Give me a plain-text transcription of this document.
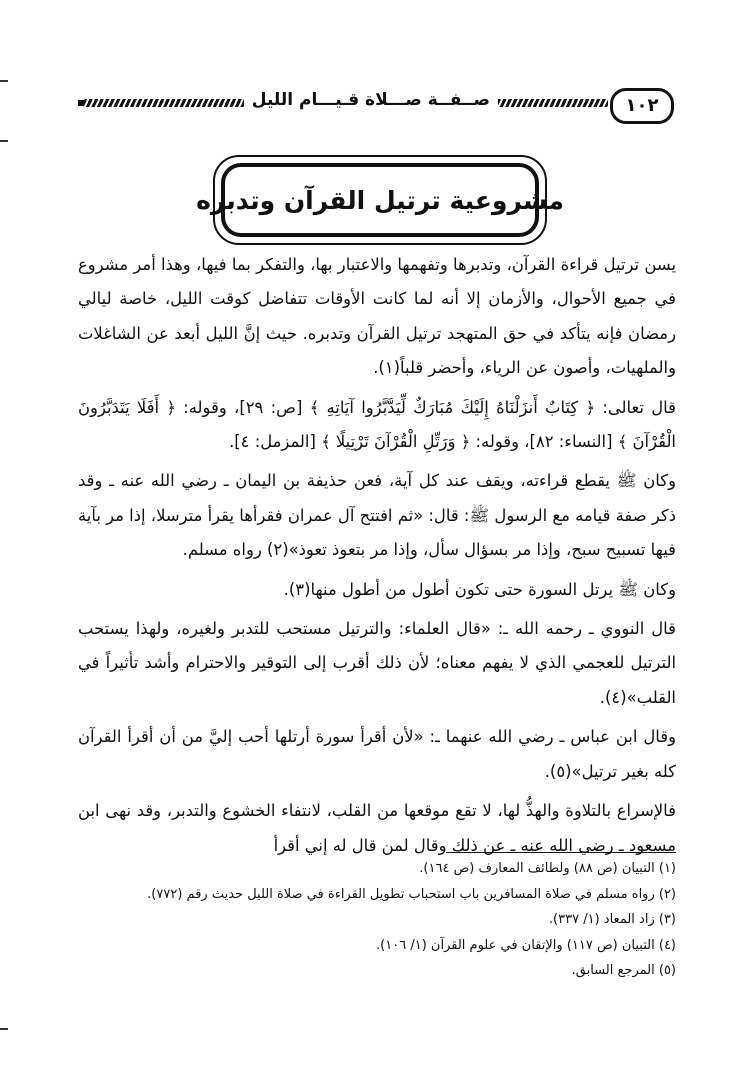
صــفــة صـــلاة قـيـــام الليل	١٠٢
مشروعية ترتيل القرآن وتدبره

يسن ترتيل قراءة القرآن، وتدبرها وتفهمها والاعتبار بها، والتفكر بما فيها، وهذا أمر مشروع في جميع الأحوال، والأزمان إلا أنه لما كانت الأوقات تتفاضل كوقت الليل، خاصة ليالي رمضان فإنه يتأكد في حق المتهجد ترتيل القرآن وتدبره. حيث إنَّ الليل أبعد عن الشاغلات والملهيات، وأصون عن الرياء، وأحضر قلباً(١).

قال تعالى: ﴿ كِتَابٌ أَنزَلْنَاهُ إِلَيْكَ مُبَارَكٌ لِّيَدَّبَّرُوا آيَاتِهِ ﴾ [ص: ٢٩]، وقوله: ﴿ أَفَلَا يَتَدَبَّرُونَ الْقُرْآنَ ﴾ [النساء: ٨٢]، وقوله: ﴿ وَرَتِّلِ الْقُرْآنَ تَرْتِيلًا ﴾ [المزمل: ٤].

وكان ﷺ يقطع قراءته، ويقف عند كل آية، فعن حذيفة بن اليمان ـ رضي الله عنه ـ وقد ذكر صفة قيامه مع الرسول ﷺ: قال: «ثم افتتح آل عمران فقرأها يقرأ مترسلا، إذا مر بآية فيها تسبيح سبح، وإذا مر بسؤال سأل، وإذا مر بتعوذ تعوذ»(٢) رواه مسلم.

وكان ﷺ يرتل السورة حتى تكون أطول من أطول منها(٣).

قال النووي ـ رحمه الله ـ: «قال العلماء: والترتيل مستحب للتدبر ولغيره، ولهذا يستحب الترتيل للعجمي الذي لا يفهم معناه؛ لأن ذلك أقرب إلى التوقير والاحترام وأشد تأثيراً في القلب»(٤).

وقال ابن عباس ـ رضي الله عنهما ـ: «لأن أقرأ سورة أرتلها أحب إليَّ من أن أقرأ القرآن كله بغير ترتيل»(٥).

فالإسراع بالتلاوة والهذُّ لها، لا تقع موقعها من القلب، لانتفاء الخشوع والتدبر، وقد نهى ابن مسعود ـ رضي الله عنه ـ عن ذلك وقال لمن قال له إني أقرأ

(١) التبيان (ص ٨٨) ولطائف المعارف (ص ١٦٤).
(٢) رواه مسلم في صلاة المسافرين باب استحباب تطويل القراءة في صلاة الليل حديث رقم (٧٧٢).
(٣) زاد المعاد (١/ ٣٣٧).
(٤) التبيان (ص ١١٧) والإتقان في علوم القرآن (١/ ١٠٦).
(٥) المرجع السابق.
